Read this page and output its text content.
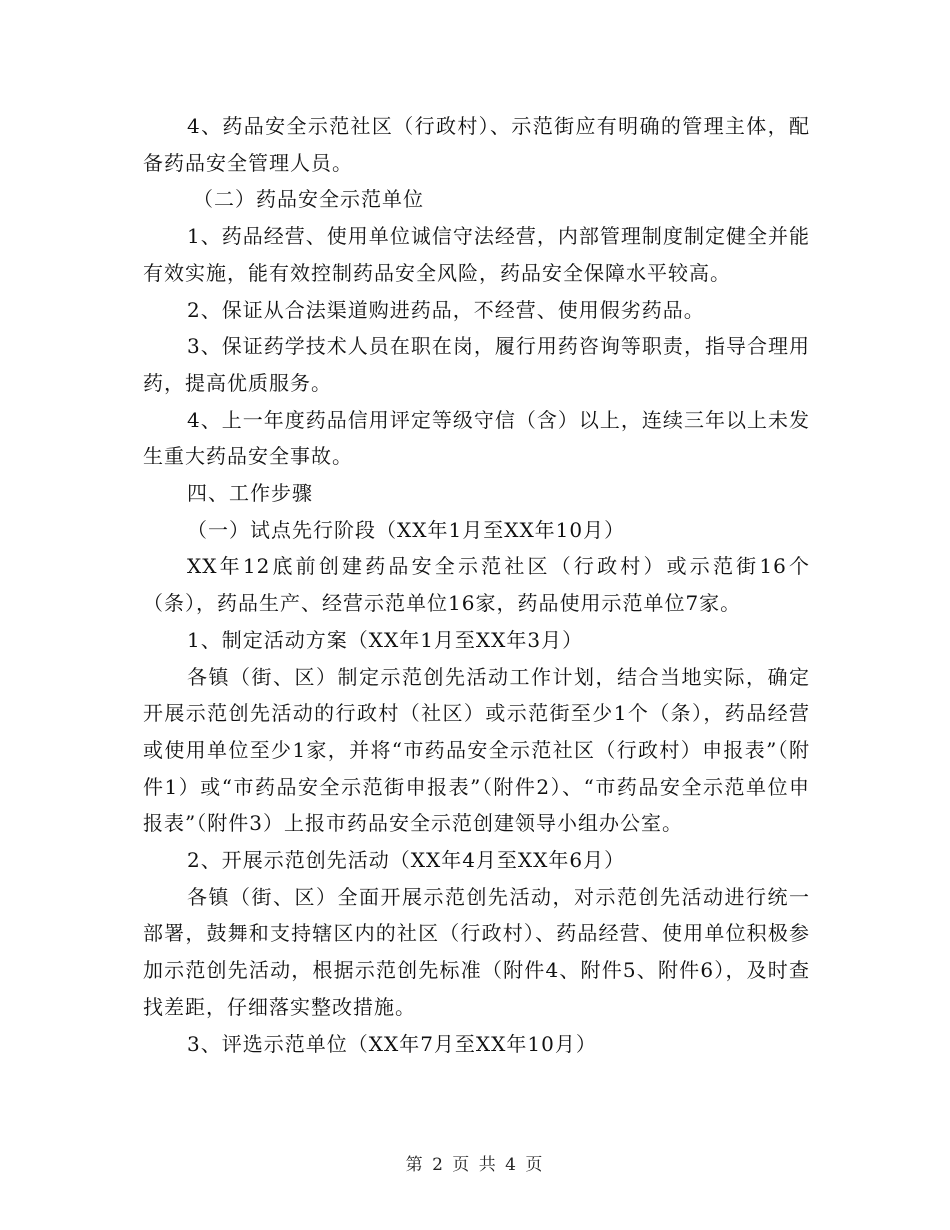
4、药品安全示范社区（行政村）、示范街应有明确的管理主体，配备药品安全管理人员。

（二）药品安全示范单位

1、药品经营、使用单位诚信守法经营，内部管理制度制定健全并能有效实施，能有效控制药品安全风险，药品安全保障水平较高。

2、保证从合法渠道购进药品，不经营、使用假劣药品。

3、保证药学技术人员在职在岗，履行用药咨询等职责，指导合理用药，提高优质服务。

4、上一年度药品信用评定等级守信（含）以上，连续三年以上未发生重大药品安全事故。

四、工作步骤

（一）试点先行阶段（XX年1月至XX年10月）

XX年12底前创建药品安全示范社区（行政村）或示范街16个（条），药品生产、经营示范单位16家，药品使用示范单位7家。

1、制定活动方案（XX年1月至XX年3月）

各镇（街、区）制定示范创先活动工作计划，结合当地实际，确定开展示范创先活动的行政村（社区）或示范街至少1个（条），药品经营或使用单位至少1家，并将“市药品安全示范社区（行政村）申报表”（附件1）或“市药品安全示范街申报表”（附件2）、“市药品安全示范单位申报表”（附件3）上报市药品安全示范创建领导小组办公室。

2、开展示范创先活动（XX年4月至XX年6月）

各镇（街、区）全面开展示范创先活动，对示范创先活动进行统一部署，鼓舞和支持辖区内的社区（行政村）、药品经营、使用单位积极参加示范创先活动，根据示范创先标准（附件4、附件5、附件6），及时查找差距，仔细落实整改措施。

3、评选示范单位（XX年7月至XX年10月）

第 2 页 共 4 页
